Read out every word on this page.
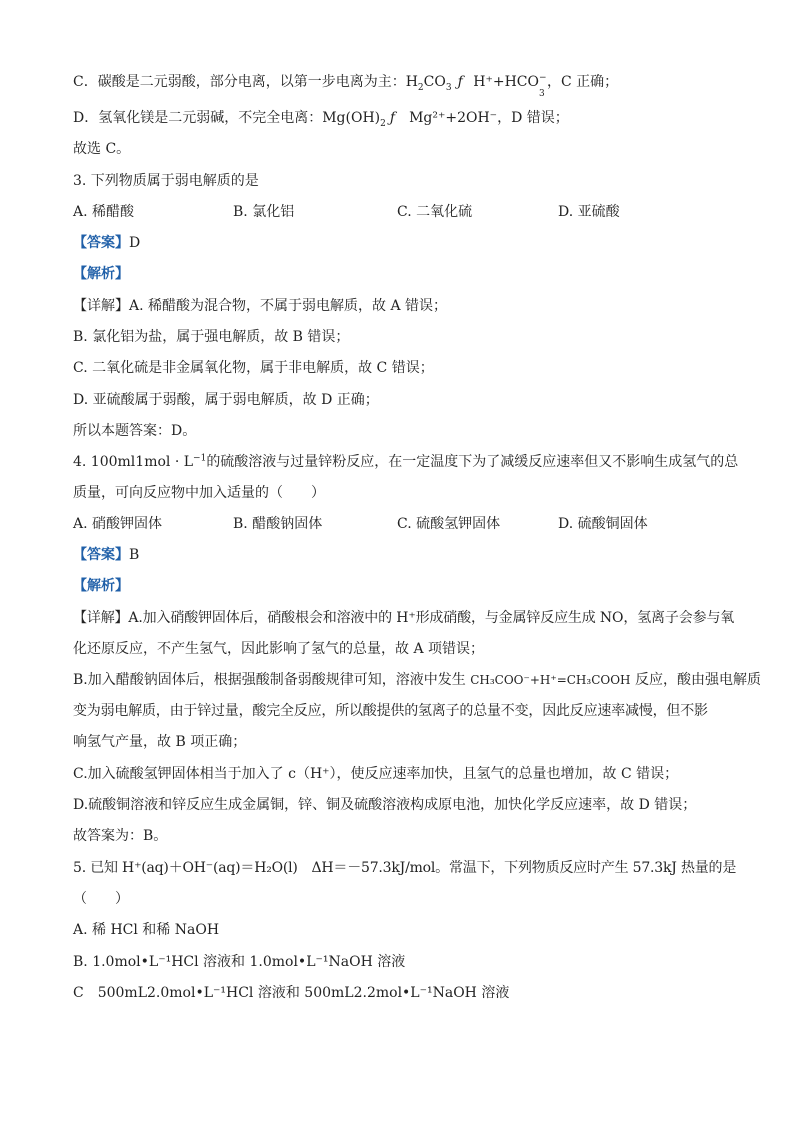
C．碳酸是二元弱酸，部分电离，以第一步电离为主：$H_2CO_3$ ƒ H⁺+HCO −
3
，C 正确；
D．氢氧化镁是二元弱碱，不完全电离：$Mg(OH)_2$ ƒ Mg²⁺+2OH⁻，D 错误；
故选 C。
3. 下列物质属于弱电解质的是
A. 稀醋酸	B. 氯化铝	C. 二氧化硫	D. 亚硫酸
【答案】D
【解析】
【详解】A. 稀醋酸为混合物，不属于弱电解质，故 A 错误；
B. 氯化铝为盐，属于强电解质，故 B 错误；
C. 二氧化硫是非金属氧化物，属于非电解质，故 C 错误；
D. 亚硫酸属于弱酸，属于弱电解质，故 D 正确；
所以本题答案：D。
4. $100ml1mol \cdot L^{-1}$的硫酸溶液与过量锌粉反应，在一定温度下为了减缓反应速率但又不影响生成氢气的总
质量，可向反应物中加入适量的（　　）
A. 硝酸钾固体	B. 醋酸钠固体	C. 硫酸氢钾固体	D. 硫酸铜固体
【答案】B
【解析】
【详解】A.加入硝酸钾固体后，硝酸根会和溶液中的 H⁺形成硝酸，与金属锌反应生成 NO，氢离子会参与氧
化还原反应，不产生氢气，因此影响了氢气的总量，故 A 项错误；
B.加入醋酸钠固体后，根据强酸制备弱酸规律可知，溶液中发生 CH₃COO⁻+H⁺=CH₃COOH 反应，酸由强电解质
变为弱电解质，由于锌过量，酸完全反应，所以酸提供的氢离子的总量不变，因此反应速率减慢，但不影
响氢气产量，故 B 项正确；
C.加入硫酸氢钾固体相当于加入了 c（H⁺），使反应速率加快，且氢气的总量也增加，故 C 错误；
D.硫酸铜溶液和锌反应生成金属铜，锌、铜及硫酸溶液构成原电池，加快化学反应速率，故 D 错误；
故答案为：B。
5. 已知 H⁺(aq)＋OH⁻(aq)＝H₂O(l)　ΔH＝－57.3kJ/mol。常温下，下列物质反应时产生 57.3kJ 热量的是
（　　）
A. 稀 HCl 和稀 NaOH
B. 1.0mol•L⁻¹HCl 溶液和 1.0mol•L⁻¹NaOH 溶液
C　500mL2.0mol•L⁻¹HCl 溶液和 500mL2.2mol•L⁻¹NaOH 溶液
